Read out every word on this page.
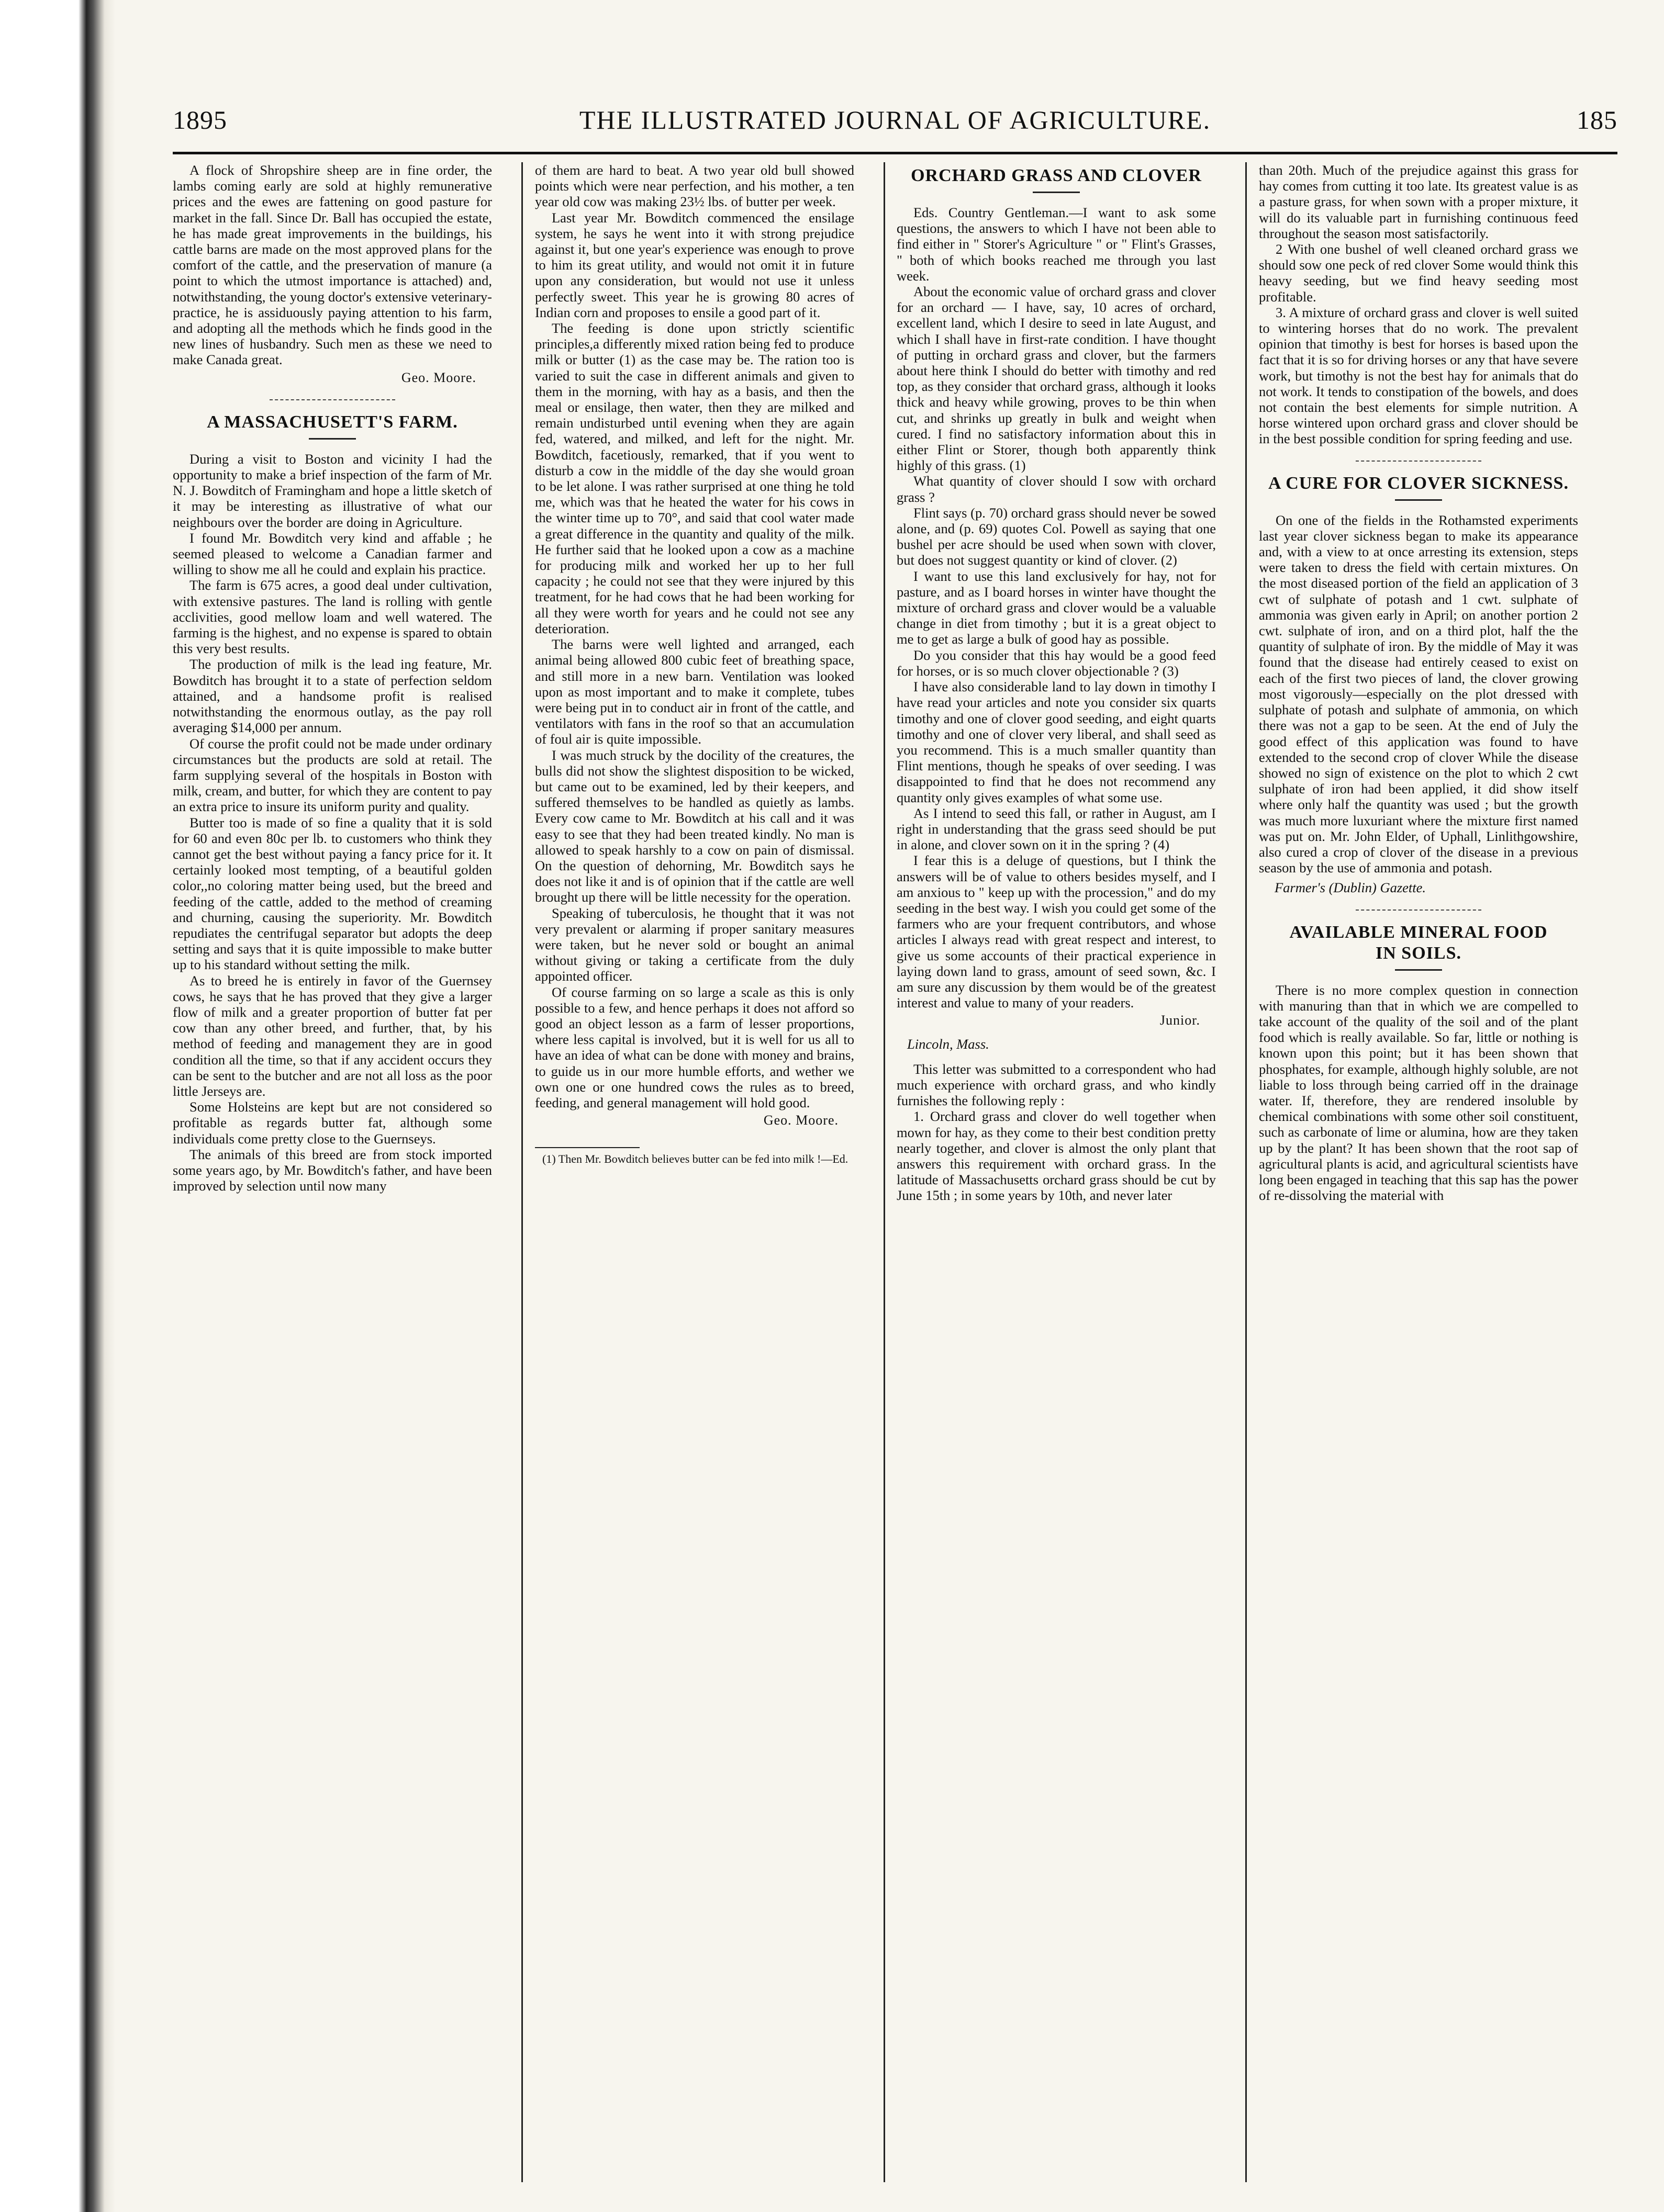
1895	THE ILLUSTRATED JOURNAL OF AGRICULTURE.	185

A flock of Shropshire sheep are in fine order, the lambs coming early are sold at highly remunerative prices and the ewes are fattening on good pasture for market in the fall. Since Dr. Ball has occupied the estate, he has made great improvements in the buildings, his cattle barns are made on the most approved plans for the comfort of the cattle, and the preservation of manure (a point to which the utmost importance is attached) and, notwithstanding, the young doctor's extensive veterinary-practice, he is assiduously paying attention to his farm, and adopting all the methods which he finds good in the new lines of husbandry. Such men as these we need to make Canada great.

Geo. Moore.
A MASSACHUSETT'S FARM.

During a visit to Boston and vicinity I had the opportunity to make a brief inspection of the farm of Mr. N. J. Bowditch of Framingham and hope a little sketch of it may be interesting as illustrative of what our neighbours over the border are doing in Agriculture.

I found Mr. Bowditch very kind and affable ; he seemed pleased to welcome a Canadian farmer and willing to show me all he could and explain his practice.

The farm is 675 acres, a good deal under cultivation, with extensive pastures. The land is rolling with gentle acclivities, good mellow loam and well watered. The farming is the highest, and no expense is spared to obtain this very best results.

The production of milk is the lead ing feature, Mr. Bowditch has brought it to a state of perfection seldom attained, and a handsome profit is realised notwithstanding the enormous outlay, as the pay roll averaging $14,000 per annum.

Of course the profit could not be made under ordinary circumstances but the products are sold at retail. The farm supplying several of the hospitals in Boston with milk, cream, and butter, for which they are content to pay an extra price to insure its uniform purity and quality.

Butter too is made of so fine a quality that it is sold for 60 and even 80c per lb. to customers who think they cannot get the best without paying a fancy price for it. It certainly looked most tempting, of a beautiful golden color,,no coloring matter being used, but the breed and feeding of the cattle, added to the method of creaming and churning, causing the superiority. Mr. Bowditch repudiates the centrifugal separator but adopts the deep setting and says that it is quite impossible to make butter up to his standard without setting the milk.

As to breed he is entirely in favor of the Guernsey cows, he says that he has proved that they give a larger flow of milk and a greater proportion of butter fat per cow than any other breed, and further, that, by his method of feeding and management they are in good condition all the time, so that if any accident occurs they can be sent to the butcher and are not all loss as the poor little Jerseys are.

Some Holsteins are kept but are not considered so profitable as regards butter fat, although some individuals come pretty close to the Guernseys.

The animals of this breed are from stock imported some years ago, by Mr. Bowditch's father, and have been improved by selection until now many

of them are hard to beat. A two year old bull showed points which were near perfection, and his mother, a ten year old cow was making 23½ lbs. of butter per week.

Last year Mr. Bowditch commenced the ensilage system, he says he went into it with strong prejudice against it, but one year's experience was enough to prove to him its great utility, and would not omit it in future upon any consideration, but would not use it unless perfectly sweet. This year he is growing 80 acres of Indian corn and proposes to ensile a good part of it.

The feeding is done upon strictly scientific principles,a differently mixed ration being fed to produce milk or butter (1) as the case may be. The ration too is varied to suit the case in different animals and given to them in the morning, with hay as a basis, and then the meal or ensilage, then water, then they are milked and remain undisturbed until evening when they are again fed, watered, and milked, and left for the night. Mr. Bowditch, facetiously, remarked, that if you went to disturb a cow in the middle of the day she would groan to be let alone. I was rather surprised at one thing he told me, which was that he heated the water for his cows in the winter time up to 70°, and said that cool water made a great difference in the quantity and quality of the milk. He further said that he looked upon a cow as a machine for producing milk and worked her up to her full capacity ; he could not see that they were injured by this treatment, for he had cows that he had been working for all they were worth for years and he could not see any deterioration.

The barns were well lighted and arranged, each animal being allowed 800 cubic feet of breathing space, and still more in a new barn. Ventilation was looked upon as most important and to make it complete, tubes were being put in to conduct air in front of the cattle, and ventilators with fans in the roof so that an accumulation of foul air is quite impossible.

I was much struck by the docility of the creatures, the bulls did not show the slightest disposition to be wicked, but came out to be examined, led by their keepers, and suffered themselves to be handled as quietly as lambs. Every cow came to Mr. Bowditch at his call and it was easy to see that they had been treated kindly. No man is allowed to speak harshly to a cow on pain of dismissal. On the question of dehorning, Mr. Bowditch says he does not like it and is of opinion that if the cattle are well brought up there will be little necessity for the operation.

Speaking of tuberculosis, he thought that it was not very prevalent or alarming if proper sanitary measures were taken, but he never sold or bought an animal without giving or taking a certificate from the duly appointed officer.

Of course farming on so large a scale as this is only possible to a few, and hence perhaps it does not afford so good an object lesson as a farm of lesser proportions, where less capital is involved, but it is well for us all to have an idea of what can be done with money and brains, to guide us in our more humble efforts, and wether we own one or one hundred cows the rules as to breed, feeding, and general management will hold good.

Geo. Moore.
(1) Then Mr. Bowditch believes butter can be fed into milk !—Ed.
ORCHARD GRASS AND CLOVER

Eds. Country Gentleman.—I want to ask some questions, the answers to which I have not been able to find either in " Storer's Agriculture " or " Flint's Grasses, " both of which books reached me through you last week.

About the economic value of orchard grass and clover for an orchard — I have, say, 10 acres of orchard, excellent land, which I desire to seed in late August, and which I shall have in first-rate condition. I have thought of putting in orchard grass and clover, but the farmers about here think I should do better with timothy and red top, as they consider that orchard grass, although it looks thick and heavy while growing, proves to be thin when cut, and shrinks up greatly in bulk and weight when cured. I find no satisfactory information about this in either Flint or Storer, though both apparently think highly of this grass. (1)

What quantity of clover should I sow with orchard grass ?

Flint says (p. 70) orchard grass should never be sowed alone, and (p. 69) quotes Col. Powell as saying that one bushel per acre should be used when sown with clover, but does not suggest quantity or kind of clover. (2)

I want to use this land exclusively for hay, not for pasture, and as I board horses in winter have thought the mixture of orchard grass and clover would be a valuable change in diet from timothy ; but it is a great object to me to get as large a bulk of good hay as possible.

Do you consider that this hay would be a good feed for horses, or is so much clover objectionable ? (3)

I have also considerable land to lay down in timothy I have read your articles and note you consider six quarts timothy and one of clover good seeding, and eight quarts timothy and one of clover very liberal, and shall seed as you recommend. This is a much smaller quantity than Flint mentions, though he speaks of over seeding. I was disappointed to find that he does not recommend any quantity only gives examples of what some use.

As I intend to seed this fall, or rather in August, am I right in understanding that the grass seed should be put in alone, and clover sown on it in the spring ? (4)

I fear this is a deluge of questions, but I think the answers will be of value to others besides myself, and I am anxious to " keep up with the procession," and do my seeding in the best way. I wish you could get some of the farmers who are your frequent contributors, and whose articles I always read with great respect and interest, to give us some accounts of their practical experience in laying down land to grass, amount of seed sown, &c. I am sure any discussion by them would be of the greatest interest and value to many of your readers.

Junior.
Lincoln, Mass.

This letter was submitted to a correspondent who had much experience with orchard grass, and who kindly furnishes the following reply :

1. Orchard grass and clover do well together when mown for hay, as they come to their best condition pretty nearly together, and clover is almost the only plant that answers this requirement with orchard grass. In the latitude of Massachusetts orchard grass should be cut by June 15th ; in some years by 10th, and never later

than 20th. Much of the prejudice against this grass for hay comes from cutting it too late. Its greatest value is as a pasture grass, for when sown with a proper mixture, it will do its valuable part in furnishing continuous feed throughout the season most satisfactorily.

2 With one bushel of well cleaned orchard grass we should sow one peck of red clover Some would think this heavy seeding, but we find heavy seeding most profitable.

3. A mixture of orchard grass and clover is well suited to wintering horses that do no work. The prevalent opinion that timothy is best for horses is based upon the fact that it is so for driving horses or any that have severe work, but timothy is not the best hay for animals that do not work. It tends to constipation of the bowels, and does not contain the best elements for simple nutrition. A horse wintered upon orchard grass and clover should be in the best possible condition for spring feeding and use.

A CURE FOR CLOVER SICKNESS.

On one of the fields in the Rothamsted experiments last year clover sickness began to make its appearance and, with a view to at once arresting its extension, steps were taken to dress the field with certain mixtures. On the most diseased portion of the field an application of 3 cwt of sulphate of potash and 1 cwt. sulphate of ammonia was given early in April; on another portion 2 cwt. sulphate of iron, and on a third plot, half the the quantity of sulphate of iron. By the middle of May it was found that the disease had entirely ceased to exist on each of the first two pieces of land, the clover growing most vigorously—especially on the plot dressed with sulphate of potash and sulphate of ammonia, on which there was not a gap to be seen. At the end of July the good effect of this application was found to have extended to the second crop of clover While the disease showed no sign of existence on the plot to which 2 cwt sulphate of iron had been applied, it did show itself where only half the quantity was used ; but the growth was much more luxuriant where the mixture first named was put on. Mr. John Elder, of Uphall, Linlithgowshire, also cured a crop of clover of the disease in a previous season by the use of ammonia and potash.

Farmer's (Dublin) Gazette.
AVAILABLE MINERAL FOOD
IN SOILS.

There is no more complex question in connection with manuring than that in which we are compelled to take account of the quality of the soil and of the plant food which is really available. So far, little or nothing is known upon this point; but it has been shown that phosphates, for example, although highly soluble, are not liable to loss through being carried off in the drainage water. If, therefore, they are rendered insoluble by chemical combinations with some other soil constituent, such as carbonate of lime or alumina, how are they taken up by the plant? It has been shown that the root sap of agricultural plants is acid, and agricultural scientists have long been engaged in teaching that this sap has the power of re-dissolving the material with
